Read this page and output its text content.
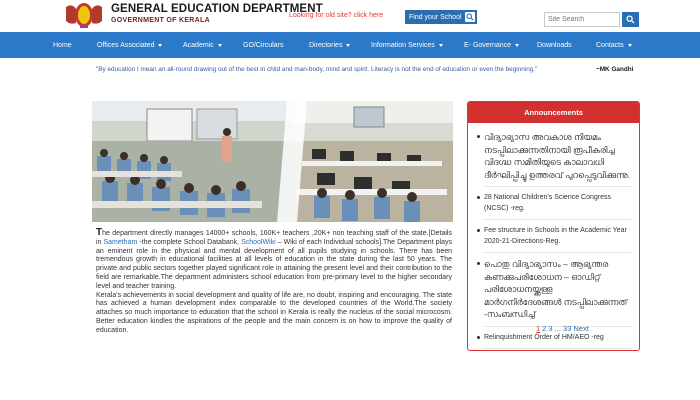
GENERAL EDUCATION DEPARTMENT
GOVERNMENT OF KERALA
Looking for old site? click here	Find your School
Site Search
Home	Offices Associated	Academic	GO/Circulars	Directories	Information Services	E- Governance	Downloads	Contacts
"By education I mean an all-round drawing out of the best in child and man-body, mind and spirit. Literacy is not the end of education or even the beginning."	~MK Gandhi

The department directly manages 14000+ schools, 160K+ teachers ,20K+ non teaching staff of the state.[Details in Sametham -the complete School Databank, SchoolWiki – Wiki of each Individual schools].The Department plays an eminent role in the physical and mental development of all pupils studying in schools. There has been tremendous growth in educational facilities at all levels of education in the state during the last 50 years. The private and public sectors together played significant role in attaining the present level and their contribution to the field are remarkable.The department administers school education from pre-primary level to the higher secondary level and teacher training.

Kerala's achievements in social development and quality of life are, no doubt, inspiring and encouraging. The state has achieved a human development index comparable to the developed countries of the World.The society attaches so much importance to education that the school in Kerala is really the nucleus of the social microcosm. Better education kindles the aspirations of the people and the main concern is on how to improve the quality of education.

Announcements
വിദ്യാഭ്യാസ അവകാശ നിയമം നടപ്പിലാക്കുന്നതിനായി രൂപീകരിച്ച വിദഗ്ദ്ധ സമിതിയുടെ കാലാവധി ദീർഘിപ്പിച്ചു ഉത്തരവ് പുറപ്പെടുവിക്കുന്നു.
28 National Children's Science Congress (NCSC) -reg.
Fee structure in Schools in the Academic Year 2020-21-Directions-Reg.
പൊതു വിദ്യാഭ്യാസം – ആഭ്യന്തര കണക്കുപരിശോധന – ഓഡിറ്റ് പരിശോധനയ്ക്കുള്ള മാർഗനിർദേശങ്ങൾ നടപ്പിലാക്കുന്നത് -സംബന്ധിച്ച്
Relinquishment Order of HM/AEO -reg
1 2 3 ... 33 Next
